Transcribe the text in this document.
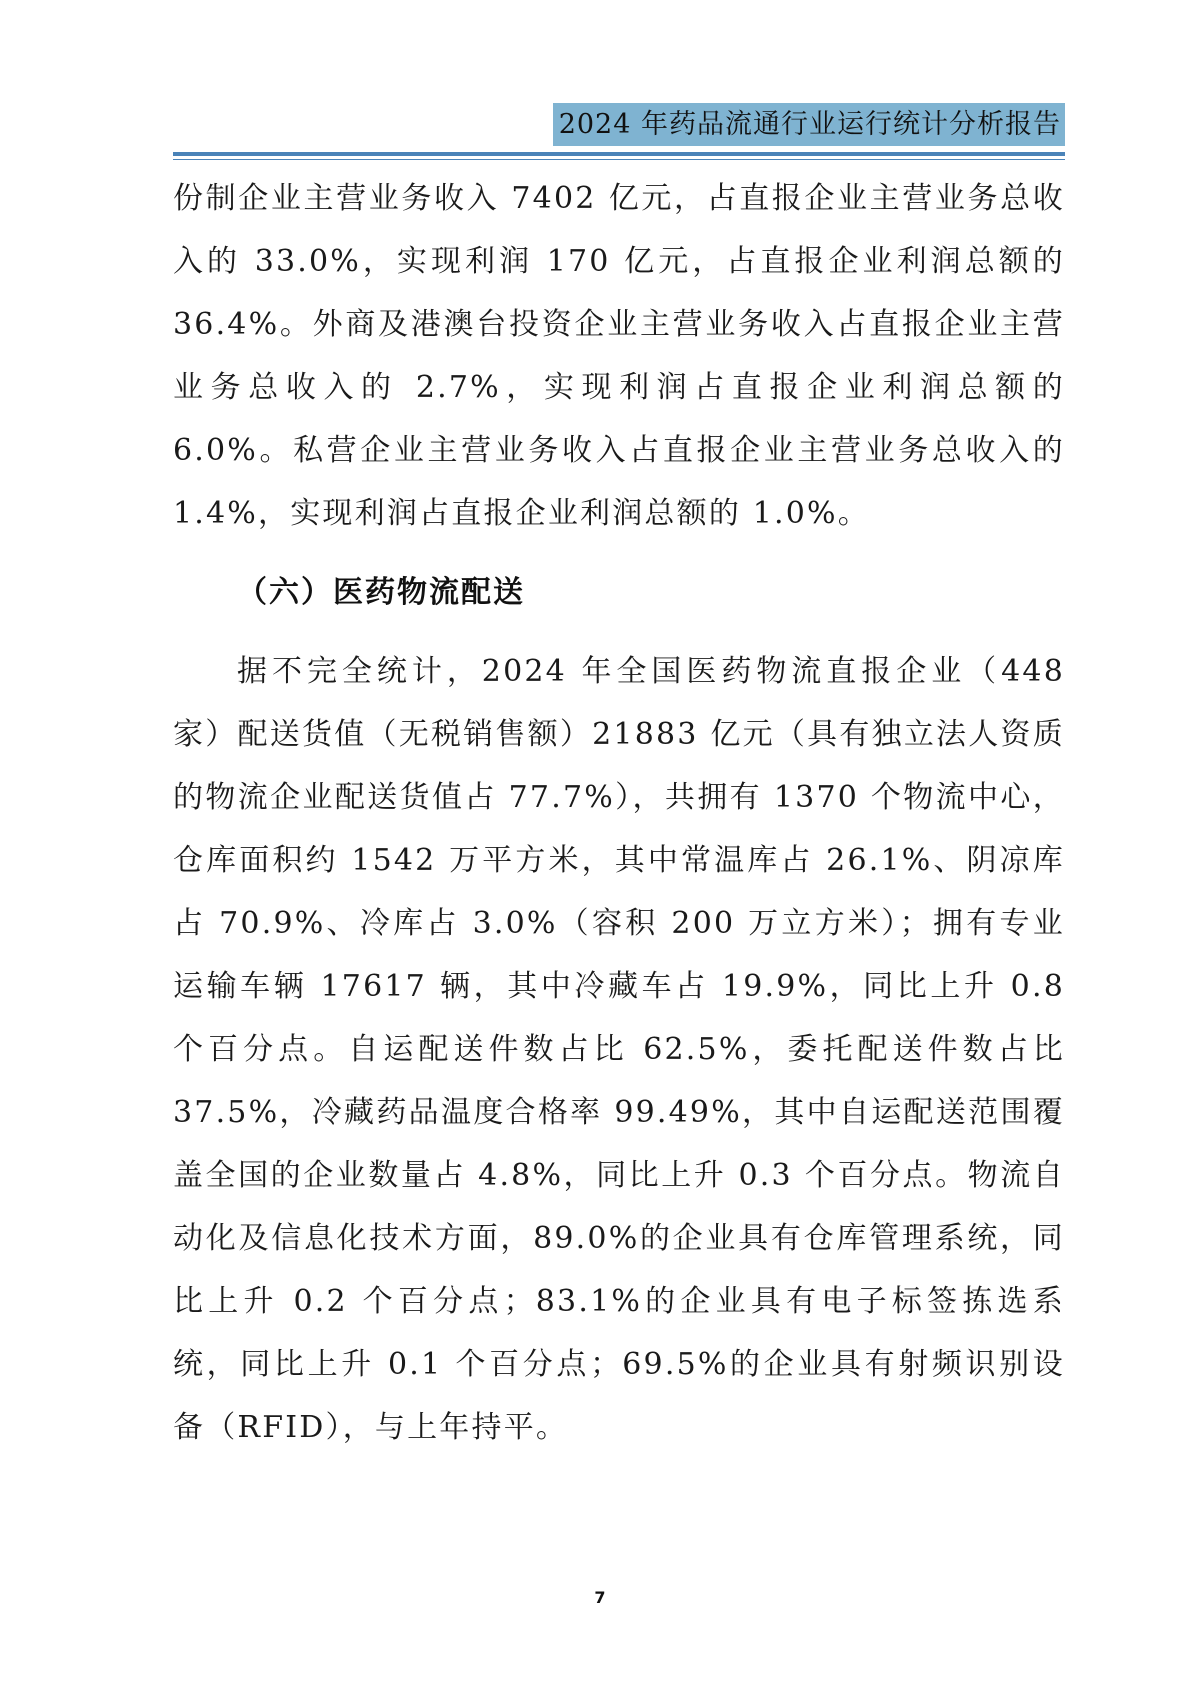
2024 年药品流通行业运行统计分析报告

份制企业主营业务收入 7402 亿元，占直报企业主营业务总收入的 33.0%，实现利润 170 亿元，占直报企业利润总额的 36.4%。外商及港澳台投资企业主营业务收入占直报企业主营业务总收入的 2.7%，实现利润占直报企业利润总额的 6.0%。私营企业主营业务收入占直报企业主营业务总收入的 1.4%，实现利润占直报企业利润总额的 1.0%。

（六）医药物流配送

据不完全统计，2024 年全国医药物流直报企业（448 家）配送货值（无税销售额）21883 亿元（具有独立法人资质的物流企业配送货值占 77.7%），共拥有 1370 个物流中心，仓库面积约 1542 万平方米，其中常温库占 26.1%、阴凉库占 70.9%、冷库占 3.0%（容积 200 万立方米）；拥有专业运输车辆 17617 辆，其中冷藏车占 19.9%，同比上升 0.8 个百分点。自运配送件数占比 62.5%，委托配送件数占比 37.5%，冷藏药品温度合格率 99.49%，其中自运配送范围覆盖全国的企业数量占 4.8%，同比上升 0.3 个百分点。物流自动化及信息化技术方面，89.0%的企业具有仓库管理系统，同比上升 0.2 个百分点；83.1%的企业具有电子标签拣选系统，同比上升 0.1 个百分点；69.5%的企业具有射频识别设备（RFID），与上年持平。

7
